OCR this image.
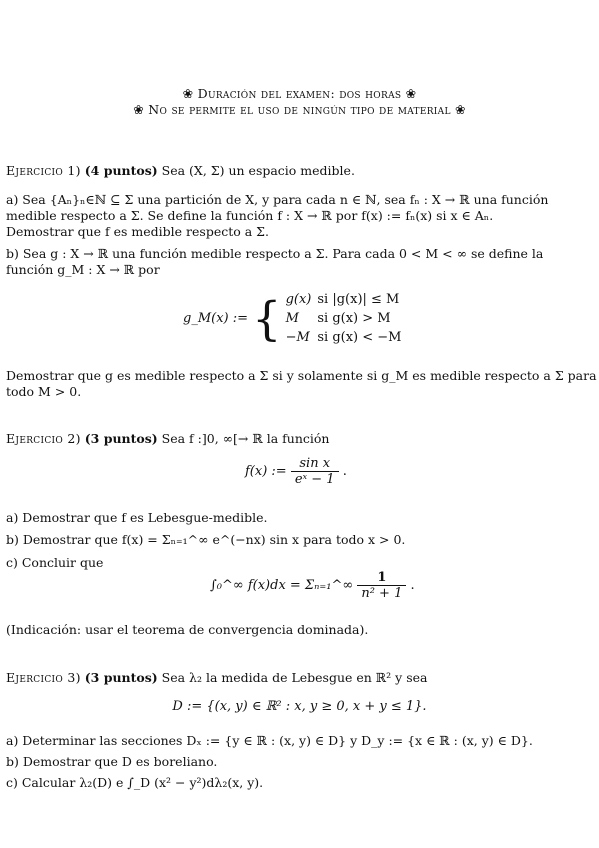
❀ Duración del examen: dos horas ❀
❀ No se permite el uso de ningún tipo de material ❀
Ejercicio 1) (4 puntos) Sea (X, Σ) un espacio medible.
a) Sea {Aₙ}ₙ∈ℕ ⊆ Σ una partición de X, y para cada n ∈ ℕ, sea fₙ : X → ℝ una función
medible respecto a Σ. Se define la función f : X → ℝ por f(x) := fₙ(x) si x ∈ Aₙ.
Demostrar que f es medible respecto a Σ.
b) Sea g : X → ℝ una función medible respecto a Σ. Para cada 0 < M < ∞ se define la
función g_M : X → ℝ por
g_M(x) := { g(x)	si |g(x)| ≤ M
M	si g(x) > M
−M	si g(x) < −M
Demostrar que g es medible respecto a Σ si y solamente si g_M es medible respecto a Σ para
todo M > 0.
Ejercicio 2) (3 puntos) Sea f :]0, ∞[→ ℝ la función
f(x) := $\frac{\text{sin x}}{\text{eˣ − 1}}$ .
a) Demostrar que f es Lebesgue-medible.
b) Demostrar que f(x) = Σₙ₌₁^∞ e^(−nx) sin x para todo x > 0.
c) Concluir que
∫₀^∞ f(x)dx = Σₙ₌₁^∞ $\frac{1}{\text{n² + 1}}$ .
(Indicación: usar el teorema de convergencia dominada).
Ejercicio 3) (3 puntos) Sea λ₂ la medida de Lebesgue en ℝ² y sea
D := {(x, y) ∈ ℝ² : x, y ≥ 0, x + y ≤ 1}.
a) Determinar las secciones Dₓ := {y ∈ ℝ : (x, y) ∈ D} y D_y := {x ∈ ℝ : (x, y) ∈ D}.
b) Demostrar que D es boreliano.
c) Calcular λ₂(D) e ∫_D (x² − y²)dλ₂(x, y).
